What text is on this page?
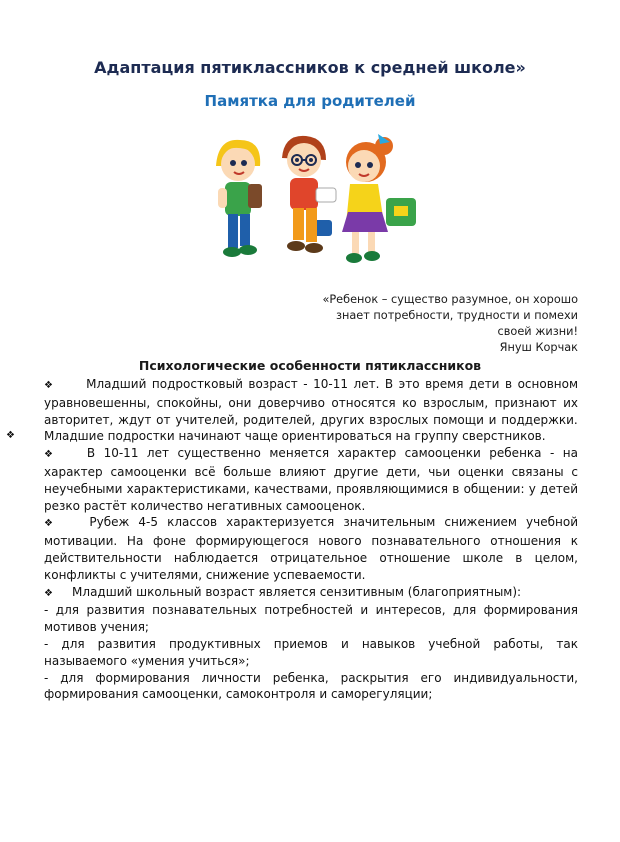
Адаптация пятиклассников к средней школе»
Памятка для родителей
«Ребенок – существо разумное, он хорошо
знает потребности, трудности и помехи
своей жизни!
Януш Корчак
Психологические особенности пятиклассников

❖	Младший подростковый возраст - 10-11 лет. В это время дети в основном уравновешенны, спокойны, они доверчиво относятся ко взрослым, признают их авторитет, ждут от учителей, родителей, других взрослых помощи и поддержки.

❖ Младшие подростки начинают чаще ориентироваться на группу сверстников.

❖	В 10-11 лет существенно меняется характер самооценки ребенка - на характер самооценки всё больше влияют другие дети, чьи оценки связаны с неучебными характеристиками, качествами, проявляющимися в общении: у детей резко растёт количество негативных самооценок.

❖	Рубеж 4-5 классов характеризуется значительным снижением учебной мотивации. На фоне формирующегося нового познавательного отношения к действительности наблюдается отрицательное отношение школе в целом, конфликты с учителями, снижение успеваемости.

❖ Младший школьный возраст является сензитивным (благоприятным):

- для развития познавательных потребностей и интересов, для формирования мотивов учения;

- для развития продуктивных приемов и навыков учебной работы, так называемого «умения учиться»;

- для формирования личности ребенка, раскрытия его индивидуальности, формирования самооценки, самоконтроля и саморегуляции;
